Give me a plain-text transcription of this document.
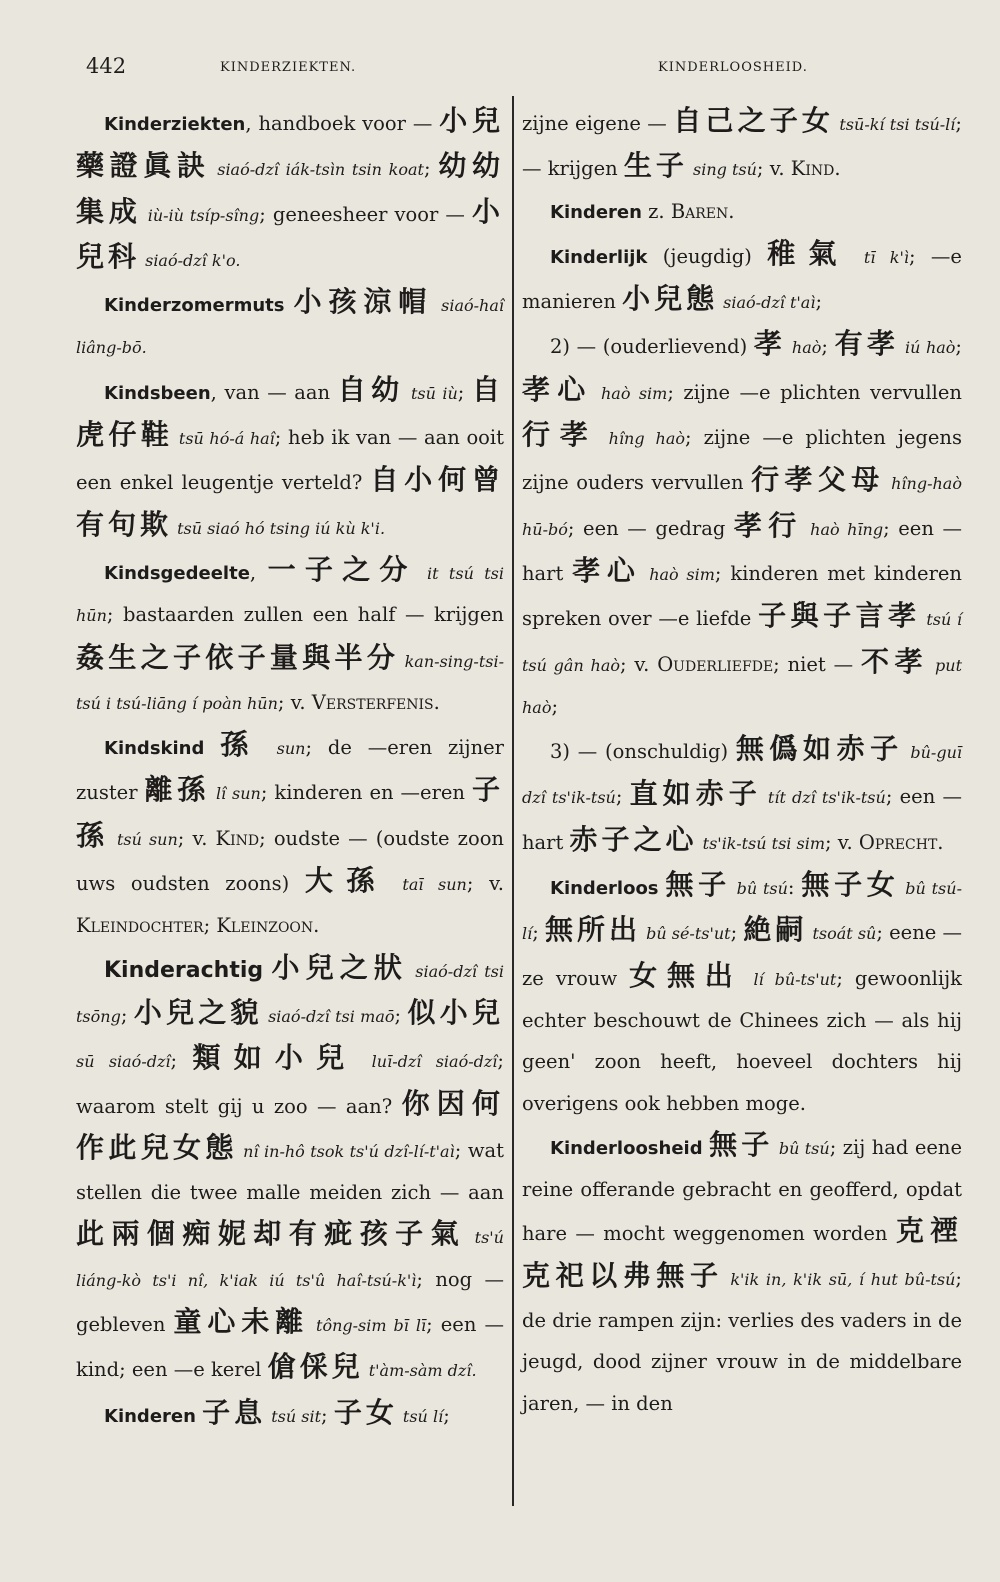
442	KINDERZIEKTEN.	KINDERLOOSHEID.

Kinderziekten, handboek voor — 小兒藥證眞訣 siaó-dzî iák-tsìn tsin koat; 幼幼集成 iù-iù tsíp-sîng; geneesheer voor — 小兒科 siaó-dzî k'o.

Kinderzomermuts 小孩涼帽 siaó-haî liâng-bō.

Kindsbeen, van — aan 自幼 tsū iù; 自虎仔鞋 tsū hó-á haî; heb ik van — aan ooit een enkel leugentje verteld? 自小何曾有句欺 tsū siaó hó tsing iú kù k'i.

Kindsgedeelte, 一子之分 it tsú tsi hūn; bastaarden zullen een half — krijgen 姦生之子依子量與半分 kan-sing-tsi-tsú i tsú-liāng í poàn hūn; v. Versterfenis.

Kindskind 孫 sun; de —eren zijner zuster 離孫 lî sun; kinderen en —eren 子孫 tsú sun; v. Kind; oudste — (oudste zoon uws oudsten zoons) 大孫 taī sun; v. Kleindochter; Kleinzoon.

Kinderachtig 小兒之狀 siaó-dzî tsi tsōng; 小兒之貌 siaó-dzî tsi maō; 似小兒 sū siaó-dzî; 類如小兒 luī-dzî siaó-dzî; waarom stelt gij u zoo — aan? 你因何作此兒女態 nî in-hô tsok ts'ú dzî-lí-t'aì; wat stellen die twee malle meiden zich — aan 此兩個痴妮却有疵孩子氣 ts'ú liáng-kò ts'i nî, k'iak iú ts'û haî-tsú-k'ì; nog — gebleven 童心未離 tông-sim bī lī; een — kind; een —e kerel 傖倸兒 t'àm-sàm dzî.

Kinderen 子息 tsú sit; 子女 tsú lí;

zijne eigene — 自己之子女 tsū-kí tsi tsú-lí; — krijgen 生子 sing tsú; v. Kind.

Kinderen z. Baren.

Kinderlijk (jeugdig) 稚氣 tī k'ì; —e manieren 小兒態 siaó-dzî t'aì;

2) — (ouderlievend) 孝 haò; 有孝 iú haò; 孝心 haò sim; zijne —e plichten vervullen 行孝 hîng haò; zijne —e plichten jegens zijne ouders vervullen 行孝父母 hîng-haò hū-bó; een — gedrag 孝行 haò hīng; een — hart 孝心 haò sim; kinderen met kinderen spreken over —e liefde 子與子言孝 tsú í tsú gân haò; v. Ouderliefde; niet — 不孝 put haò;

3) — (onschuldig) 無僞如赤子 bû-guī dzî ts'ik-tsú; 直如赤子 tít dzî ts'ik-tsú; een — hart 赤子之心 ts'ik-tsú tsi sim; v. Oprecht.

Kinderloos 無子 bû tsú: 無子女 bû tsú-lí; 無所出 bû sé-ts'ut; 絶嗣 tsoát sû; eene —ze vrouw 女無出 lí bû-ts'ut; gewoonlijk echter beschouwt de Chinees zich — als hij geen' zoon heeft, hoeveel dochters hij overigens ook hebben moge.

Kinderloosheid 無子 bû tsú; zij had eene reine offerande gebracht en geofferd, opdat hare — mocht weggenomen worden 克禋克祀以弗無子 k'ik in, k'ik sū, í hut bû-tsú; de drie rampen zijn: verlies des vaders in de jeugd, dood zijner vrouw in de middelbare jaren, — in den
